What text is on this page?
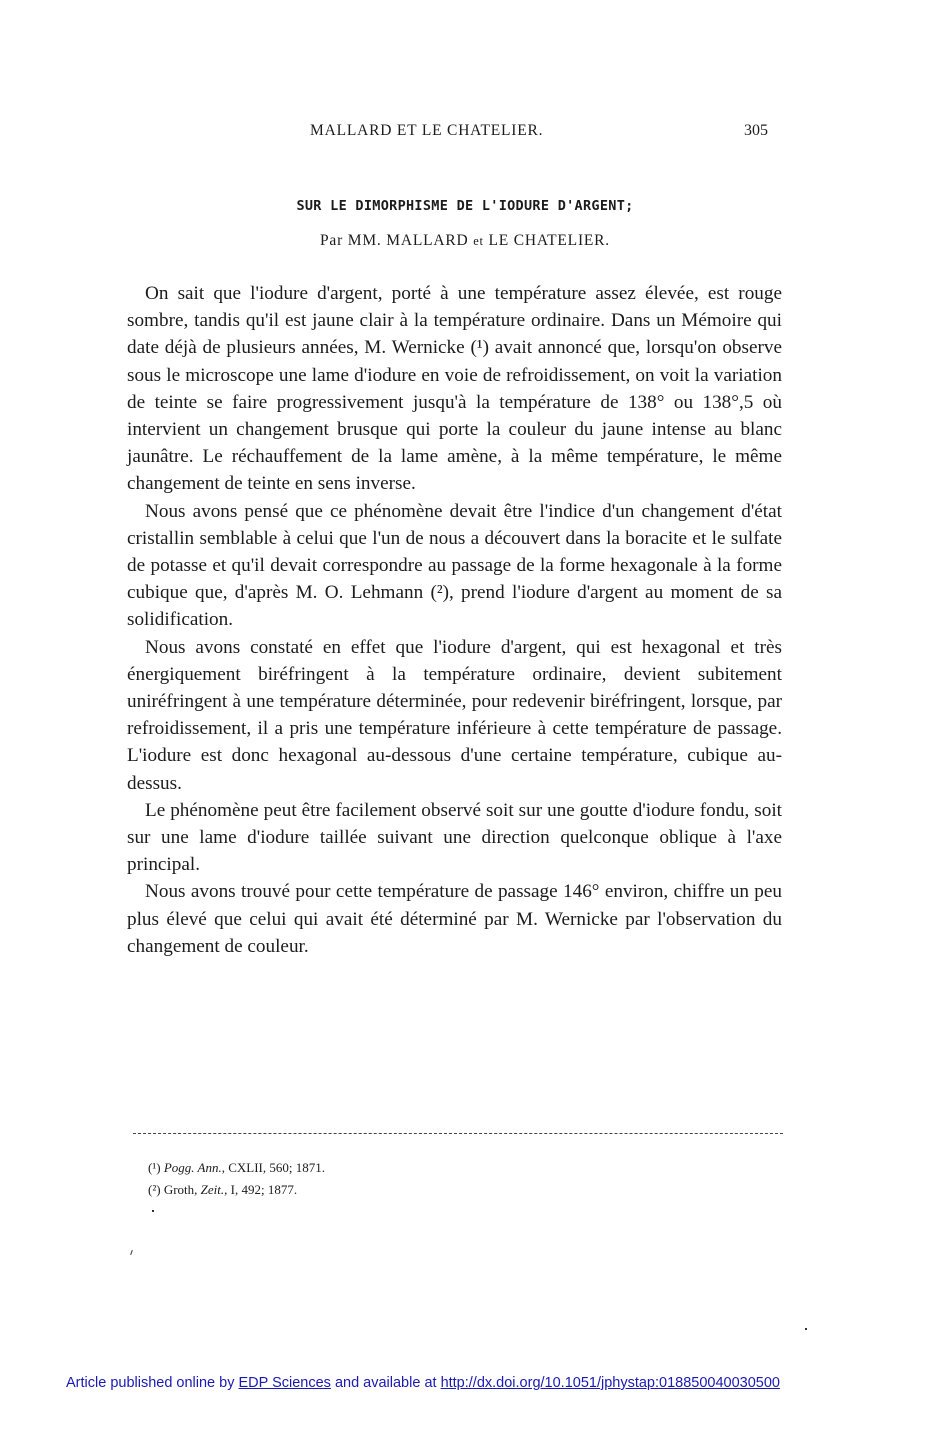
MALLARD ET LE CHATELIER.	305
SUR LE DIMORPHISME DE L'IODURE D'ARGENT;
Par MM. MALLARD et LE CHATELIER.

On sait que l'iodure d'argent, porté à une température assez élevée, est rouge sombre, tandis qu'il est jaune clair à la température ordinaire. Dans un Mémoire qui date déjà de plusieurs années, M. Wernicke (¹) avait annoncé que, lorsqu'on observe sous le microscope une lame d'iodure en voie de refroidissement, on voit la variation de teinte se faire progressivement jusqu'à la température de 138° ou 138°,5 où intervient un changement brusque qui porte la couleur du jaune intense au blanc jaunâtre. Le réchauffement de la lame amène, à la même température, le même changement de teinte en sens inverse.

Nous avons pensé que ce phénomène devait être l'indice d'un changement d'état cristallin semblable à celui que l'un de nous a découvert dans la boracite et le sulfate de potasse et qu'il devait correspondre au passage de la forme hexagonale à la forme cubique que, d'après M. O. Lehmann (²), prend l'iodure d'argent au moment de sa solidification.

Nous avons constaté en effet que l'iodure d'argent, qui est hexagonal et très énergiquement biréfringent à la température ordinaire, devient subitement uniréfringent à une température déterminée, pour redevenir biréfringent, lorsque, par refroidissement, il a pris une température inférieure à cette température de passage. L'iodure est donc hexagonal au-dessous d'une certaine température, cubique au-dessus.

Le phénomène peut être facilement observé soit sur une goutte d'iodure fondu, soit sur une lame d'iodure taillée suivant une direction quelconque oblique à l'axe principal.

Nous avons trouvé pour cette température de passage 146° environ, chiffre un peu plus élevé que celui qui avait été déterminé par M. Wernicke par l'observation du changement de couleur.

(¹) Pogg. Ann., CXLII, 560; 1871.

(²) Groth, Zeit., I, 492; 1877.

Article published online by EDP Sciences and available at http://dx.doi.org/10.1051/jphystap:018850040030500
